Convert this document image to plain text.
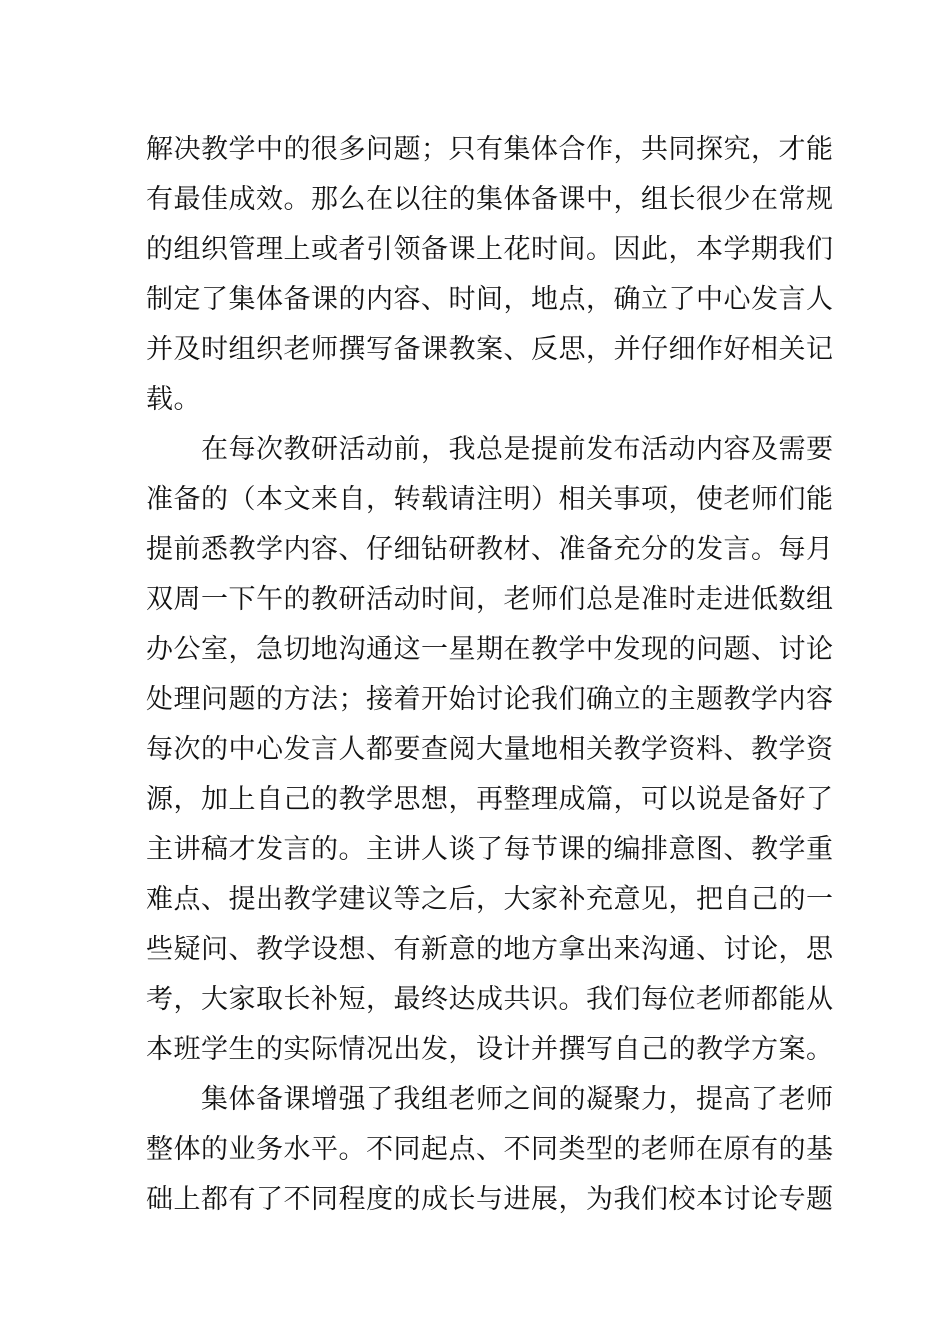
解决教学中的很多问题；只有集体合作，共同探究，才能
有最佳成效。那么在以往的集体备课中，组长很少在常规
的组织管理上或者引领备课上花时间。因此，本学期我们
制定了集体备课的内容、时间，地点，确立了中心发言人
并及时组织老师撰写备课教案、反思，并仔细作好相关记
载。
　　在每次教研活动前，我总是提前发布活动内容及需要
准备的（本文来自，转载请注明）相关事项，使老师们能
提前悉教学内容、仔细钻研教材、准备充分的发言。每月
双周一下午的教研活动时间，老师们总是准时走进低数组
办公室，急切地沟通这一星期在教学中发现的问题、讨论
处理问题的方法；接着开始讨论我们确立的主题教学内容
每次的中心发言人都要查阅大量地相关教学资料、教学资
源，加上自己的教学思想，再整理成篇，可以说是备好了
主讲稿才发言的。主讲人谈了每节课的编排意图、教学重
难点、提出教学建议等之后，大家补充意见，把自己的一
些疑问、教学设想、有新意的地方拿出来沟通、讨论，思
考，大家取长补短，最终达成共识。我们每位老师都能从
本班学生的实际情况出发，设计并撰写自己的教学方案。
　　集体备课增强了我组老师之间的凝聚力，提高了老师
整体的业务水平。不同起点、不同类型的老师在原有的基
础上都有了不同程度的成长与进展，为我们校本讨论专题
